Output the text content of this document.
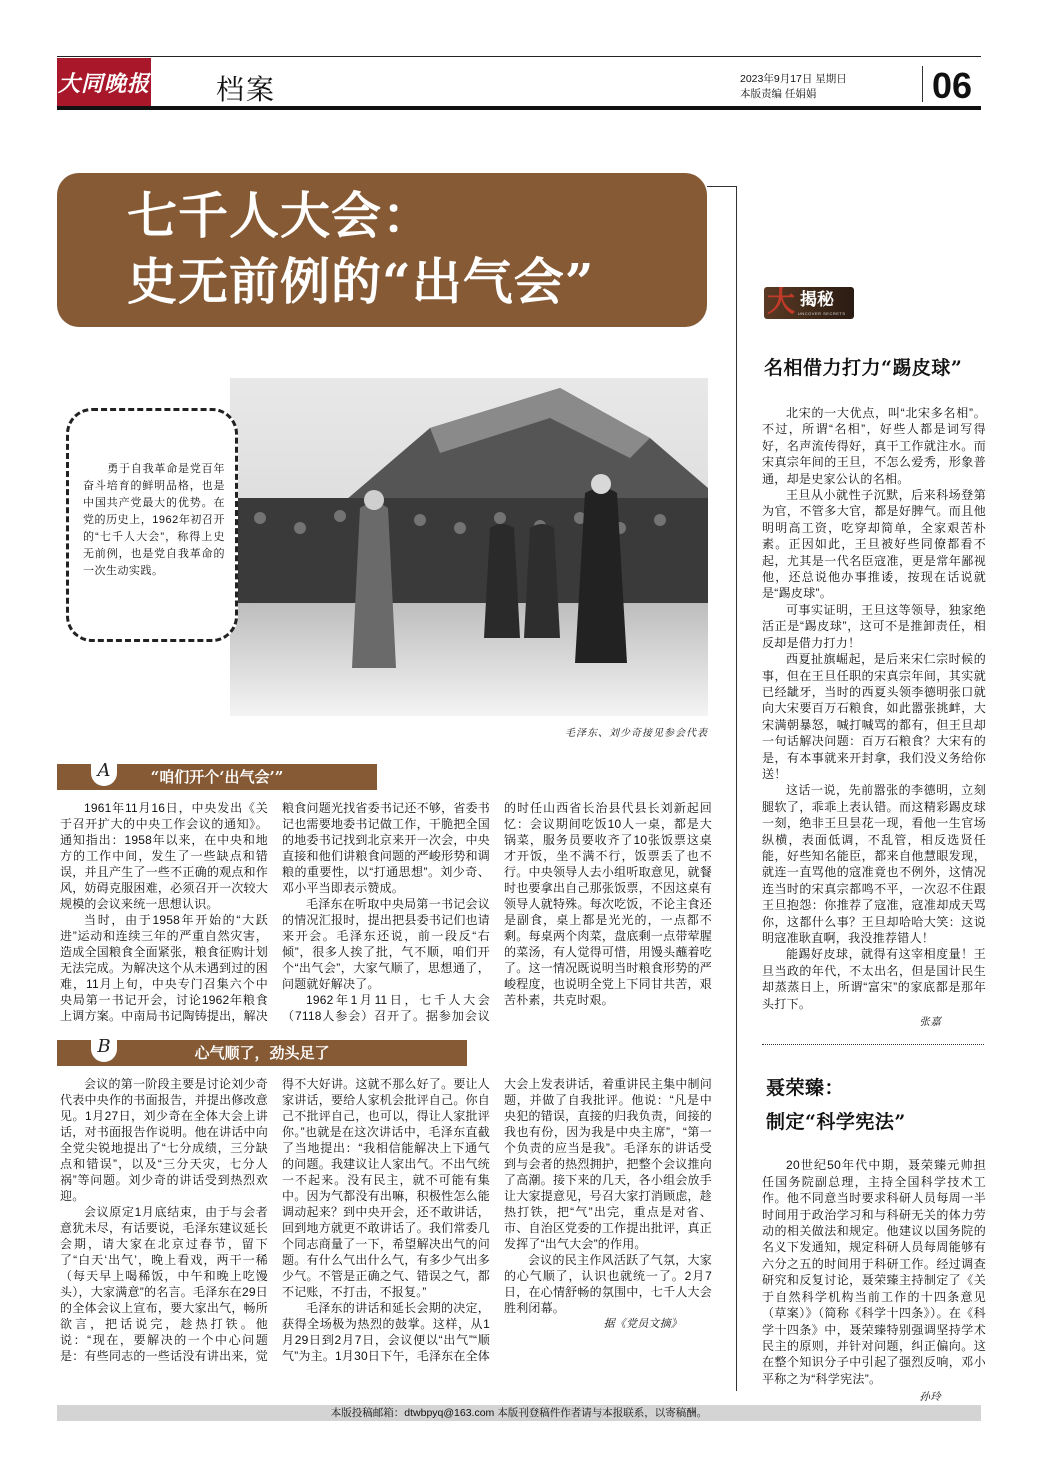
大同晚报 档案	2023年9月17日 星期日
本版责编 任娟娟	06
七千人大会：
史无前例的“出气会”

勇于自我革命是党百年奋斗培育的鲜明品格，也是中国共产党最大的优势。在党的历史上，1962年初召开的“七千人大会”，称得上史无前例，也是党自我革命的一次生动实践。

毛泽东、刘少奇接见参会代表
A	“咱们开个‘出气会’”

1961年11月16日，中央发出《关于召开扩大的中央工作会议的通知》。通知指出：1958年以来，在中央和地方的工作中间，发生了一些缺点和错误，并且产生了一些不正确的观点和作风，妨碍克服困难，必须召开一次较大规模的会议来统一思想认识。

当时，由于1958年开始的“大跃进”运动和连续三年的严重自然灾害，造成全国粮食全面紧张，粮食征购计划无法完成。为解决这个从未遇到过的困难，11月上旬，中央专门召集六个中央局第一书记开会，讨论1962年粮食上调方案。中南局书记陶铸提出，解决粮食问题光找省委书记还不够，省委书记也需要地委书记做工作，干脆把全国的地委书记找到北京来开一次会，中央直接和他们讲粮食问题的严峻形势和调粮的重要性，以“打通思想”。刘少奇、邓小平当即表示赞成。

毛泽东在听取中央局第一书记会议的情况汇报时，提出把县委书记们也请来开会。毛泽东还说，前一段反“右倾”，很多人挨了批，气不顺，咱们开个“出气会”，大家气顺了，思想通了，问题就好解决了。

1962年1月11日，七千人大会（7118人参会）召开了。据参加会议的时任山西省长治县代县长刘新起回忆：会议期间吃饭10人一桌，都是大锅菜，服务员要收齐了10张饭票这桌才开饭，坐不满不行，饭票丢了也不行。中央领导人去小组听取意见，就餐时也要拿出自己那张饭票，不因这桌有领导人就特殊。每次吃饭，不论主食还是副食，桌上都是光光的，一点都不剩。每桌两个肉菜，盘底剩一点带荤腥的菜汤，有人觉得可惜，用馒头蘸着吃了。这一情况既说明当时粮食形势的严峻程度，也说明全党上下同甘共苦，艰苦朴素，共克时艰。

B	心气顺了，劲头足了

会议的第一阶段主要是讨论刘少奇代表中央作的书面报告，并提出修改意见。1月27日，刘少奇在全体大会上讲话，对书面报告作说明。他在讲话中向全党尖锐地提出了“七分成绩，三分缺点和错误”，以及“三分天灾，七分人祸”等问题。刘少奇的讲话受到热烈欢迎。

会议原定1月底结束，由于与会者意犹未尽，有话要说，毛泽东建议延长会期，请大家在北京过春节，留下了“白天‘出气’，晚上看戏，两干一稀（每天早上喝稀饭，中午和晚上吃馒头），大家满意”的名言。毛泽东在29日的全体会议上宣布，要大家出气，畅所欲言，把话说完，趁热打铁。他说：“现在，要解决的一个中心问题是：有些同志的一些话没有讲出来，觉得不大好讲。这就不那么好了。要让人家讲话，要给人家机会批评自己。你自己不批评自己，也可以，得让人家批评你。”也就是在这次讲话中，毛泽东直截了当地提出：“我相信能解决上下通气的问题。我建议让人家出气。不出气统一不起来。没有民主，就不可能有集中。因为气都没有出嘛，积极性怎么能调动起来？到中央开会，还不敢讲话，回到地方就更不敢讲话了。我们常委几个同志商量了一下，希望解决出气的问题。有什么气出什么气，有多少气出多少气。不管是正确之气、错误之气，都不记账，不打击，不报复。”

毛泽东的讲话和延长会期的决定，获得全场极为热烈的鼓掌。这样，从1月29日到2月7日，会议便以“出气”“顺气”为主。1月30日下午，毛泽东在全体大会上发表讲话，着重讲民主集中制问题，并做了自我批评。他说：“凡是中央犯的错误，直接的归我负责，间接的我也有份，因为我是中央主席”，“第一个负责的应当是我”。毛泽东的讲话受到与会者的热烈拥护，把整个会议推向了高潮。接下来的几天，各小组会放手让大家提意见，号召大家打消顾虑，趁热打铁，把“气”出完，重点是对省、市、自治区党委的工作提出批评，真正发挥了“出气大会”的作用。

会议的民主作风活跃了气氛，大家的心气顺了，认识也就统一了。2月7日，在心情舒畅的氛围中，七千人大会胜利闭幕。

据《党员文摘》

大 揭秘
UNCOVER SECRETS
名相借力打力“踢皮球”

北宋的一大优点，叫“北宋多名相”。不过，所谓“名相”，好些人都是词写得好，名声流传得好，真干工作就注水。而宋真宗年间的王旦，不怎么爱秀，形象普通，却是史家公认的名相。

王旦从小就性子沉默，后来科场登第为官，不管多大官，都是好脾气。而且他明明高工资，吃穿却简单，全家艰苦朴素。正因如此，王旦被好些同僚都看不起，尤其是一代名臣寇准，更是常年鄙视他，还总说他办事推诿，按现在话说就是“踢皮球”。

可事实证明，王旦这等领导，独家绝活正是“踢皮球”，这可不是推卸责任，相反却是借力打力！

西夏扯旗崛起，是后来宋仁宗时候的事，但在王旦任职的宋真宗年间，其实就已经龇牙，当时的西夏头领李德明张口就向大宋要百万石粮食，如此嚣张挑衅，大宋满朝暴怒，喊打喊骂的都有，但王旦却一句话解决问题：百万石粮食？大宋有的是，有本事就来开封拿，我们没义务给你送！

这话一说，先前嚣张的李德明，立刻腿软了，乖乖上表认错。而这精彩踢皮球一刻，绝非王旦昙花一现，看他一生官场纵横，表面低调，不乱管，相反选贤任能，好些知名能臣，都来自他慧眼发现，就连一直骂他的寇准竟也不例外，这情况连当时的宋真宗都鸣不平，一次忍不住跟王旦抱怨：你推荐了寇准，寇准却成天骂你，这都什么事？王旦却哈哈大笑：这说明寇准耿直啊，我没推荐错人！

能踢好皮球，就得有这宰相度量！王旦当政的年代，不太出名，但是国计民生却蒸蒸日上，所谓“富宋”的家底都是那年头打下。

张嘉

聂荣臻：
制定“科学宪法”

20世纪50年代中期，聂荣臻元帅担任国务院副总理，主持全国科学技术工作。他不同意当时要求科研人员每周一半时间用于政治学习和与科研无关的体力劳动的相关做法和规定。他建议以国务院的名义下发通知，规定科研人员每周能够有六分之五的时间用于科研工作。经过调查研究和反复讨论，聂荣臻主持制定了《关于自然科学机构当前工作的十四条意见（草案）》（简称《科学十四条》）。在《科学十四条》中，聂荣臻特别强调坚持学术民主的原则，并针对问题，纠正偏向。这在整个知识分子中引起了强烈反响，邓小平称之为“科学宪法”。

孙玲

本版投稿邮箱：dtwbpyq@163.com 本版刊登稿件作者请与本报联系，以寄稿酬。
